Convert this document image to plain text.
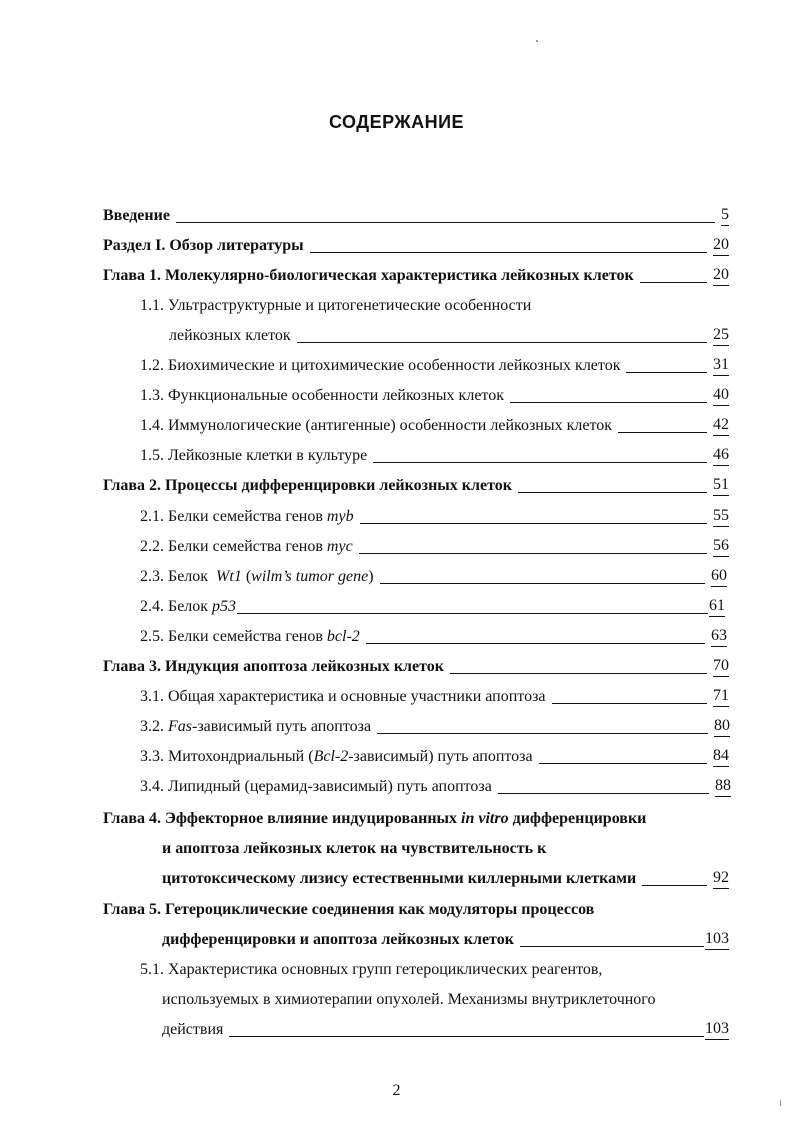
СОДЕРЖАНИЕ
Введение	5
Раздел I. Обзор литературы	20
Глава 1. Молекулярно-биологическая характеристика лейкозных клеток	20
1.1. Ультраструктурные и цитогенетические особенности
лейкозных клеток	25
1.2. Биохимические и цитохимические особенности лейкозных клеток	31
1.3. Функциональные особенности лейкозных клеток	40
1.4. Иммунологические (антигенные) особенности лейкозных клеток	42
1.5. Лейкозные клетки в культуре	46
Глава 2. Процессы дифференцировки лейкозных клеток	51
2.1. Белки семейства генов myb	55
2.2. Белки семейства генов myc	56
2.3. Белок  Wt1 (wilm’s tumor gene)	60
2.4. Белок p53	61
2.5. Белки семейства генов bcl-2	63
Глава 3. Индукция апоптоза лейкозных клеток	70
3.1. Общая характеристика и основные участники апоптоза	71
3.2. Fas-зависимый путь апоптоза	80
3.3. Митохондриальный (Bcl-2-зависимый) путь апоптоза	84
3.4. Липидный (церамид-зависимый) путь апоптоза	88
Глава 4. Эффекторное влияние индуцированных in vitro дифференцировки
и апоптоза лейкозных клеток на чувствительность к
цитотоксическому лизису естественными киллерными клетками	92
Глава 5. Гетероциклические соединения как модуляторы процессов
дифференцировки и апоптоза лейкозных клеток	103
5.1. Характеристика основных групп гетероциклических реагентов,
используемых в химиотерапии опухолей. Механизмы внутриклеточного
действия	103
2
